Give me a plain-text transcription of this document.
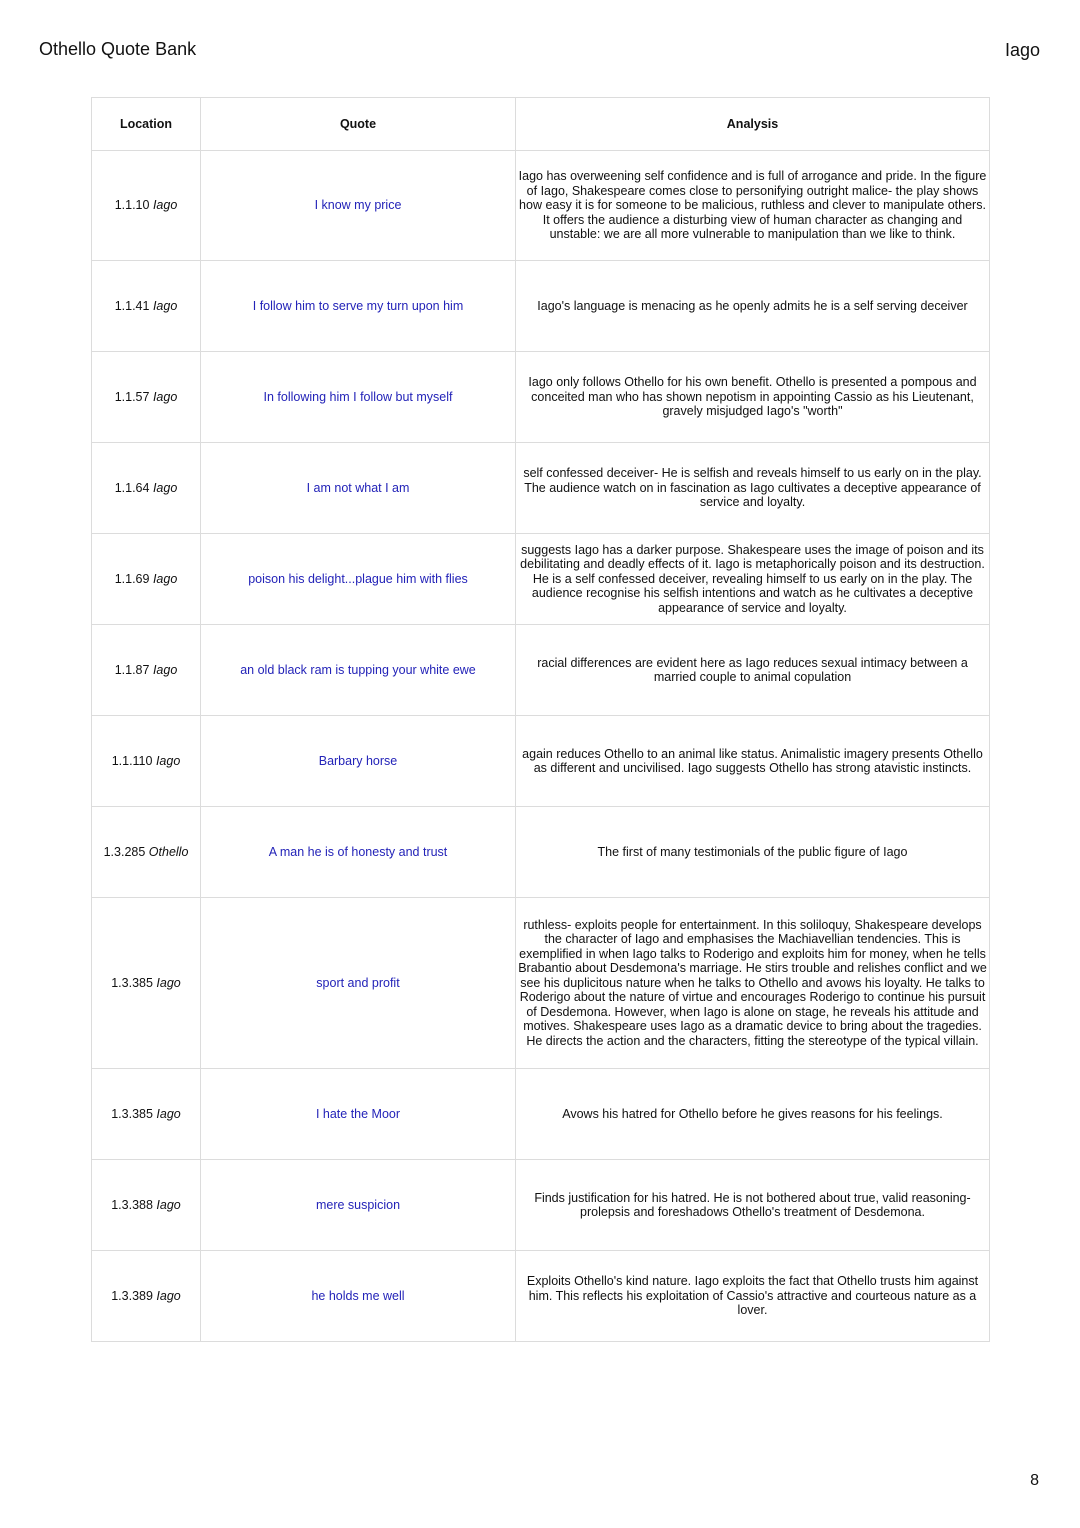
Othello Quote Bank	Iago
Location	Quote	Analysis
1.1.10 Iago	I know my price	Iago has overweening self confidence and is full of arrogance and pride. In the figure of Iago, Shakespeare comes close to personifying outright malice- the play shows how easy it is for someone to be malicious, ruthless and clever to manipulate others. It offers the audience a disturbing view of human character as changing and unstable: we are all more vulnerable to manipulation than we like to think.
1.1.41 Iago	I follow him to serve my turn upon him	Iago's language is menacing as he openly admits he is a self serving deceiver
1.1.57 Iago	In following him I follow but myself	Iago only follows Othello for his own benefit. Othello is presented a pompous and conceited man who has shown nepotism in appointing Cassio as his Lieutenant, gravely misjudged Iago's "worth"
1.1.64 Iago	I am not what I am	self confessed deceiver- He is selfish and reveals himself to us early on in the play. The audience watch on in fascination as Iago cultivates a deceptive appearance of service and loyalty.
1.1.69 Iago	poison his delight...plague him with flies	suggests Iago has a darker purpose. Shakespeare uses the image of poison and its debilitating and deadly effects of it. Iago is metaphorically poison and its destruction. He is a self confessed deceiver, revealing himself to us early on in the play. The audience recognise his selfish intentions and watch as he cultivates a deceptive appearance of service and loyalty.
1.1.87 Iago	an old black ram is tupping your white ewe	racial differences are evident here as Iago reduces sexual intimacy between a married couple to animal copulation
1.1.110 Iago	Barbary horse	again reduces Othello to an animal like status. Animalistic imagery presents Othello as different and uncivilised. Iago suggests Othello has strong atavistic instincts.
1.3.285 Othello	A man he is of honesty and trust	The first of many testimonials of the public figure of Iago
1.3.385 Iago	sport and profit	ruthless- exploits people for entertainment. In this soliloquy, Shakespeare develops the character of Iago and emphasises the Machiavellian tendencies. This is exemplified in when Iago talks to Roderigo and exploits him for money, when he tells Brabantio about Desdemona's marriage. He stirs trouble and relishes conflict and we see his duplicitous nature when he talks to Othello and avows his loyalty. He talks to Roderigo about the nature of virtue and encourages Roderigo to continue his pursuit of Desdemona. However, when Iago is alone on stage, he reveals his attitude and motives. Shakespeare uses Iago as a dramatic device to bring about the tragedies. He directs the action and the characters, fitting the stereotype of the typical villain.
1.3.385 Iago	I hate the Moor	Avows his hatred for Othello before he gives reasons for his feelings.
1.3.388 Iago	mere suspicion	Finds justification for his hatred. He is not bothered about true, valid reasoning- prolepsis and foreshadows Othello's treatment of Desdemona.
1.3.389 Iago	he holds me well	Exploits Othello's kind nature. Iago exploits the fact that Othello trusts him against him. This reflects his exploitation of Cassio's attractive and courteous nature as a lover.
8
